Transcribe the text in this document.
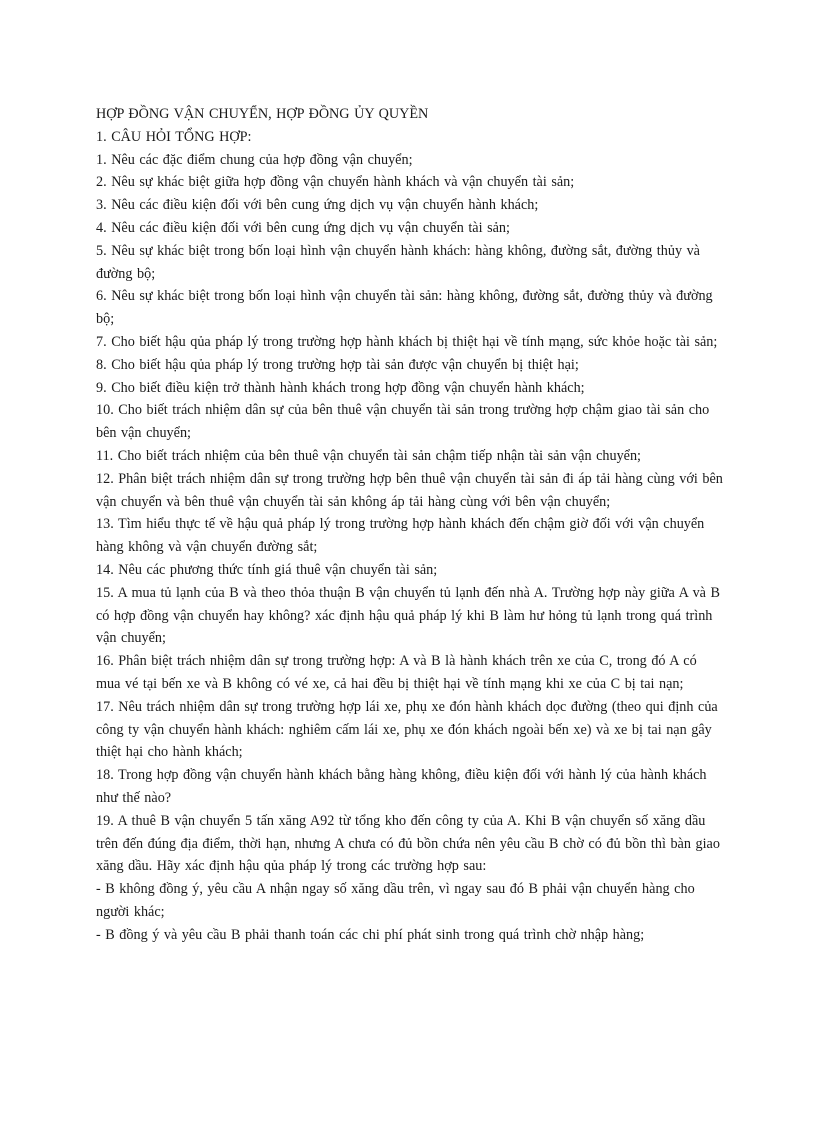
HỢP ĐỒNG VẬN CHUYỂN, HỢP ĐỒNG ỦY QUYỀN

1. CÂU HỎI TỔNG HỢP:

1. Nêu các đặc điểm chung của hợp đồng vận chuyển;

2. Nêu sự khác biệt giữa hợp đồng vận chuyển hành khách và vận chuyển tài sản;

3. Nêu các điều kiện đối với bên cung ứng dịch vụ vận chuyển hành khách;

4. Nêu các điều kiện đối với bên cung ứng dịch vụ vận chuyển tài sản;

5. Nêu sự khác biệt trong bốn loại hình vận chuyển hành khách: hàng không, đường sắt, đường thủy và đường bộ;

6. Nêu sự khác biệt trong bốn loại hình vận chuyển tài sản: hàng không, đường sắt, đường thủy và đường bộ;

7. Cho biết hậu qủa pháp lý trong trường hợp hành khách bị thiệt hại về tính mạng, sức khỏe hoặc tài sản;

8. Cho biết hậu qủa pháp lý trong trường hợp tài sản được vận chuyển bị thiệt hại;

9. Cho biết điều kiện trở thành hành khách trong hợp đồng vận chuyển hành khách;

10. Cho biết trách nhiệm dân sự của bên thuê vận chuyển tài sản trong trường hợp chậm giao tài sản cho bên vận chuyển;

11. Cho biết trách nhiệm của bên thuê vận chuyển tài sản chậm tiếp nhận tài sản vận chuyển;

12. Phân biệt trách nhiệm dân sự trong trường hợp bên thuê vận chuyển tài sản đi áp tải hàng cùng với bên vận chuyển và bên thuê vận chuyển tài sản không áp tải hàng cùng với bên vận chuyển;

13. Tìm hiểu thực tế về hậu quả pháp lý trong trường hợp hành khách đến chậm giờ đối với vận chuyển hàng không và vận chuyển đường sắt;

14. Nêu các phương thức tính giá thuê vận chuyển tài sản;

15. A mua tủ lạnh của B và theo thỏa thuận B vận chuyển tủ lạnh đến nhà A. Trường hợp này giữa A và B có hợp đồng vận chuyển hay không? xác định hậu quả pháp lý khi B làm hư hỏng tủ lạnh trong quá trình vận chuyển;

16. Phân biệt trách nhiệm dân sự trong trường hợp: A và B là hành khách trên xe của C, trong đó A có mua vé tại bến xe và B không có vé xe, cả hai đều bị thiệt hại về tính mạng khi xe của C bị tai nạn;

17. Nêu trách nhiệm dân sự trong trường hợp lái xe, phụ xe đón hành khách dọc đường (theo qui định của công ty vận chuyển hành khách: nghiêm cấm lái xe, phụ xe đón khách ngoài bến xe) và xe bị tai nạn gây thiệt hại cho hành khách;

18. Trong hợp đồng vận chuyển hành khách bằng hàng không, điều kiện đối với hành lý của hành khách như thế nào?

19. A thuê B vận chuyển 5 tấn xăng A92 từ tổng kho đến công ty của A. Khi B vận chuyển số xăng dầu trên đến đúng địa điểm, thời hạn, nhưng A chưa có đủ bồn chứa nên yêu cầu B chờ có đủ bồn thì bàn giao xăng dầu. Hãy xác định hậu qủa pháp lý trong các trường hợp sau:

- B không đồng ý, yêu cầu A nhận ngay số xăng dầu trên, vì ngay sau đó B phải vận chuyển hàng cho người khác;

- B đồng ý và yêu cầu B phải thanh toán các chi phí phát sinh trong quá trình chờ nhập hàng;
